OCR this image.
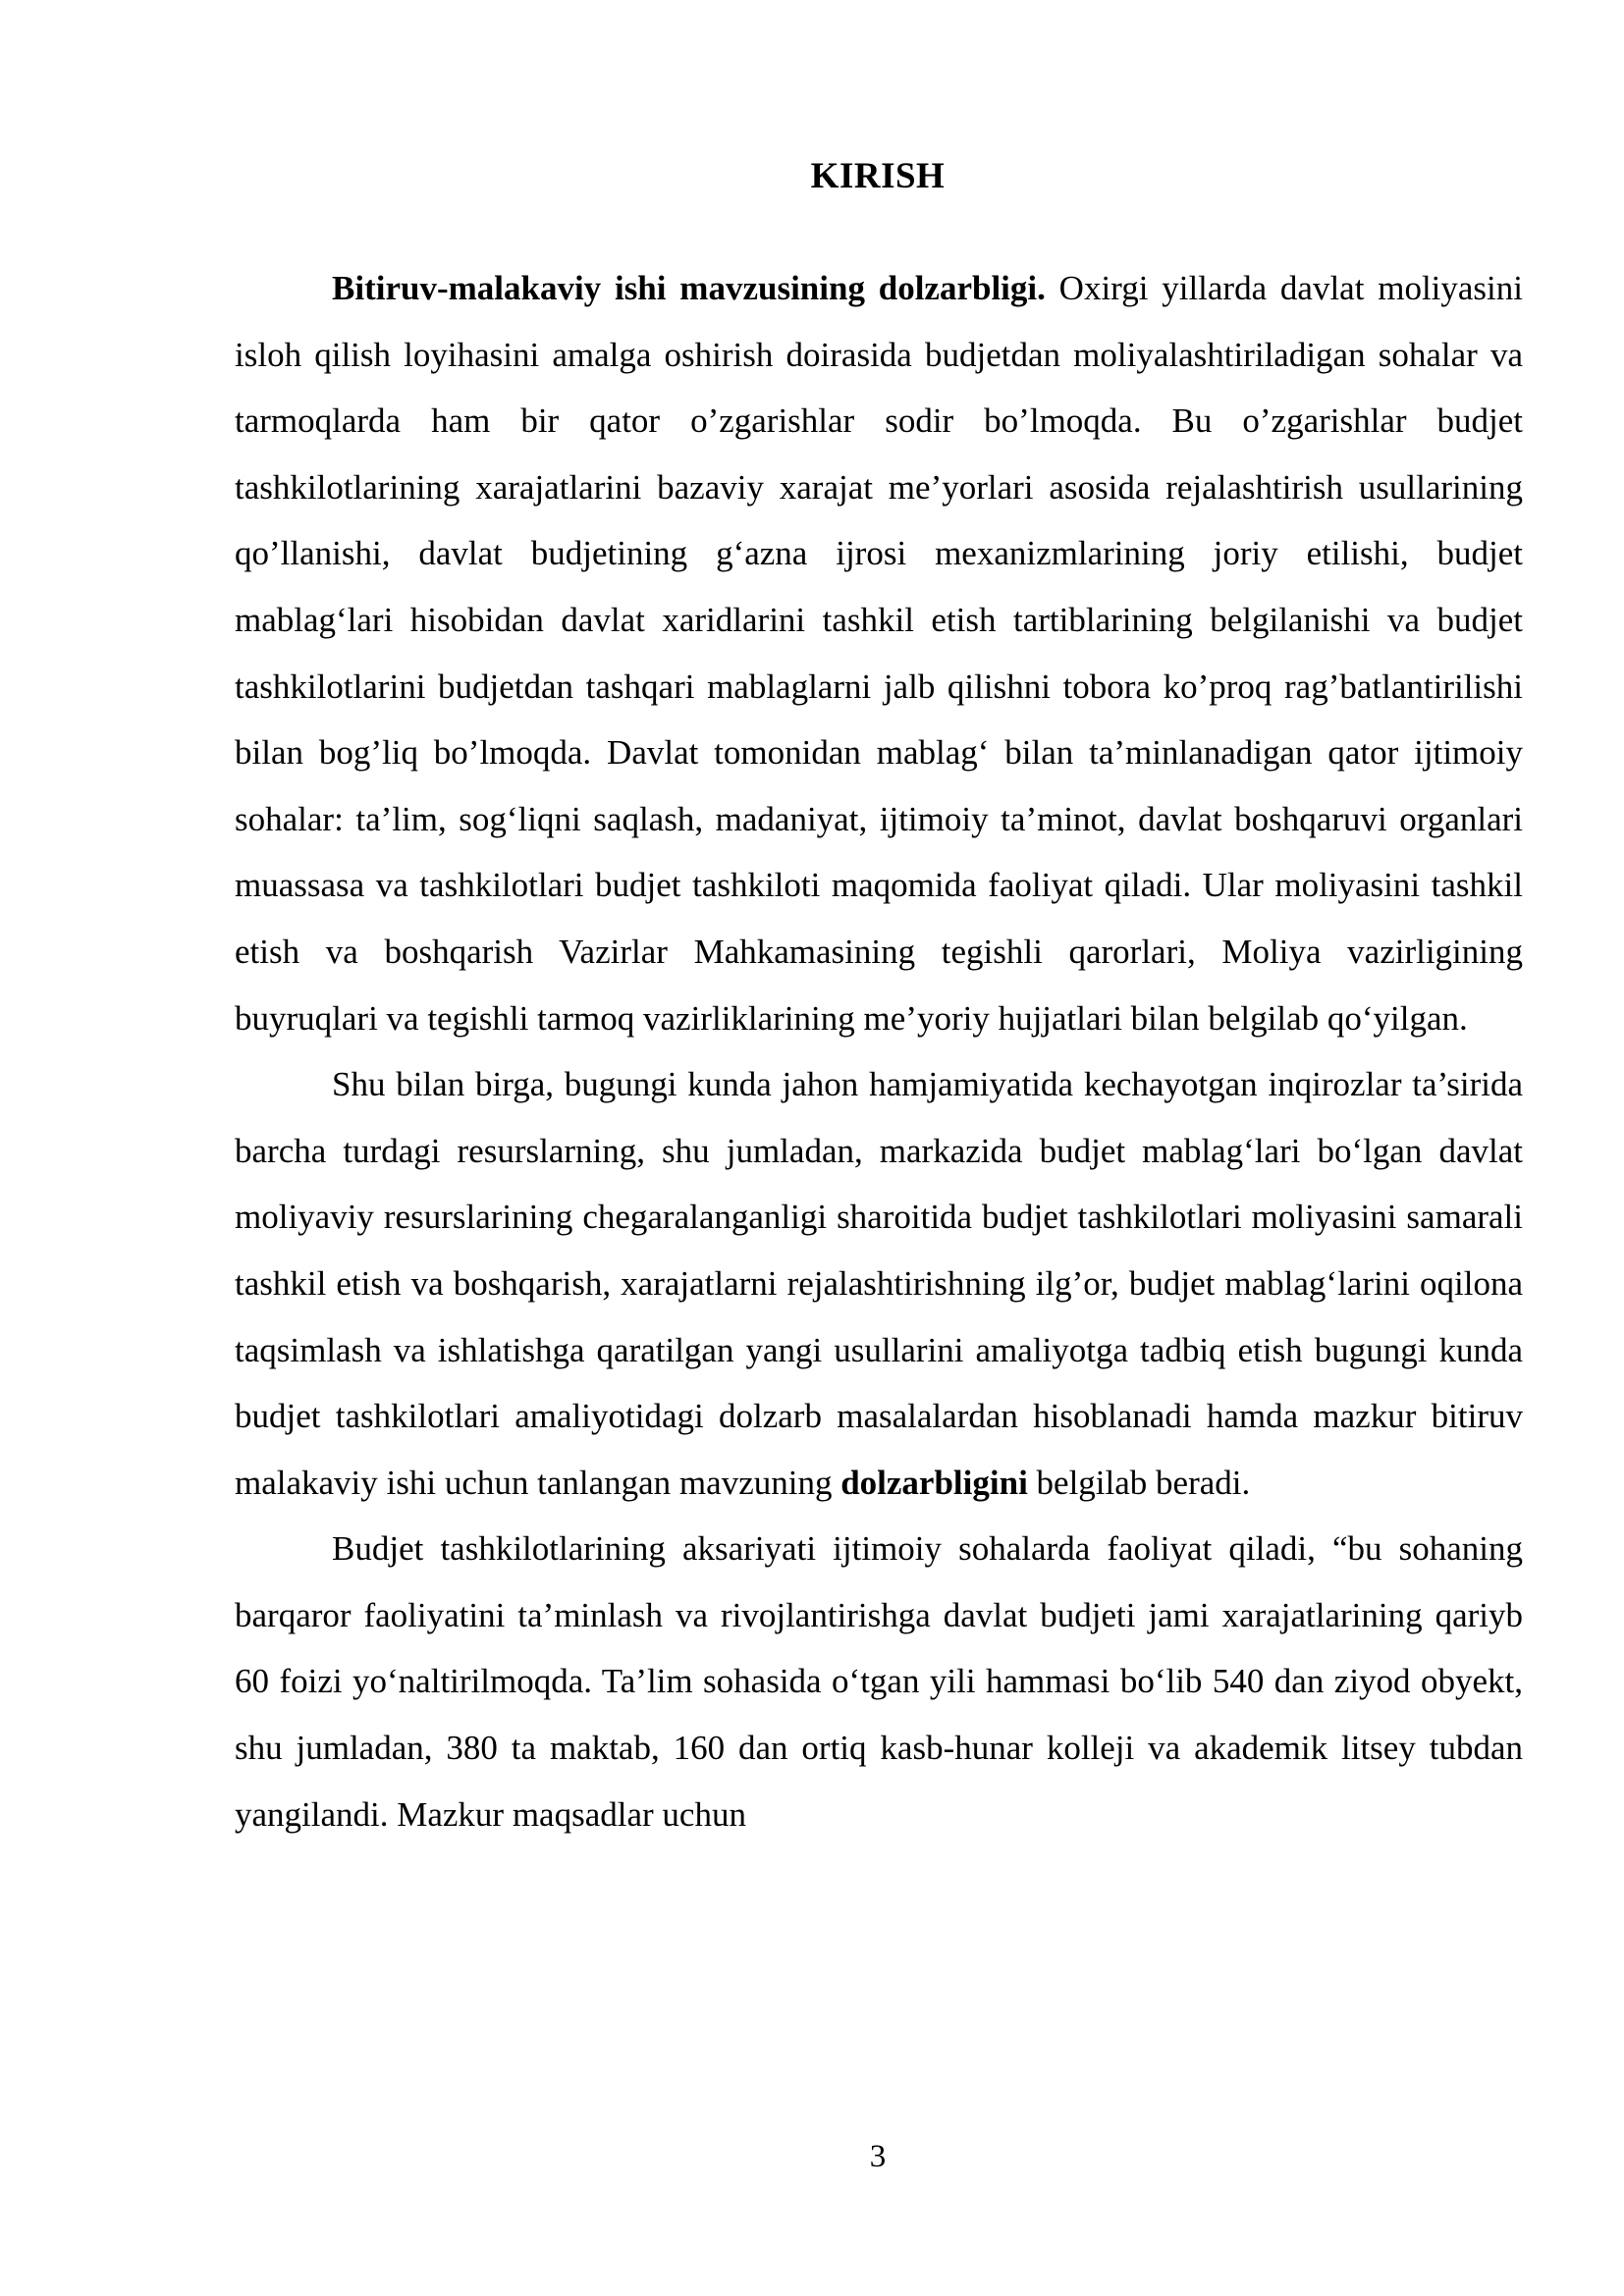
KIRISH

Bitiruv-malakaviy ishi mavzusining dolzarbligi. Oxirgi yillarda davlat moliyasini isloh qilish loyihasini amalga oshirish doirasida budjetdan moliyalashtiriladigan sohalar va tarmoqlarda ham bir qator o’zgarishlar sodir bo’lmoqda. Bu o’zgarishlar budjet tashkilotlarining xarajatlarini bazaviy xarajat me’yorlari asosida rejalashtirish usullarining qo’llanishi, davlat budjetining g‘azna ijrosi mexanizmlarining joriy etilishi, budjet mablag‘lari hisobidan davlat xaridlarini tashkil etish tartiblarining belgilanishi va budjet tashkilotlarini budjetdan tashqari mablaglarni jalb qilishni tobora ko’proq rag’batlantirilishi bilan bog’liq bo’lmoqda. Davlat tomonidan mablag‘ bilan ta’minlanadigan qator ijtimoiy sohalar: ta’lim, sog‘liqni saqlash, madaniyat, ijtimoiy ta’minot, davlat boshqaruvi organlari muassasa va tashkilotlari budjet tashkiloti maqomida faoliyat qiladi. Ular moliyasini tashkil etish va boshqarish Vazirlar Mahkamasining tegishli qarorlari, Moliya vazirligining buyruqlari va tegishli tarmoq vazirliklarining me’yoriy hujjatlari bilan belgilab qo‘yilgan.

Shu bilan birga, bugungi kunda jahon hamjamiyatida kechayotgan inqirozlar ta’sirida barcha turdagi resurslarning, shu jumladan, markazida budjet mablag‘lari bo‘lgan davlat moliyaviy resurslarining chegaralanganligi sharoitida budjet tashkilotlari moliyasini samarali tashkil etish va boshqarish, xarajatlarni rejalashtirishning ilg’or, budjet mablag‘larini oqilona taqsimlash va ishlatishga qaratilgan yangi usullarini amaliyotga tadbiq etish bugungi kunda budjet tashkilotlari amaliyotidagi dolzarb masalalardan hisoblanadi hamda mazkur bitiruv malakaviy ishi uchun tanlangan mavzuning dolzarbligini belgilab beradi.

Budjet tashkilotlarining aksariyati ijtimoiy sohalarda faoliyat qiladi, “bu sohaning barqaror faoliyatini ta’minlash va rivojlantirishga davlat budjeti jami xarajatlarining qariyb 60 foizi yo‘naltirilmoqda. Ta’lim sohasida o‘tgan yili hammasi bo‘lib 540 dan ziyod obyekt, shu jumladan, 380 ta maktab, 160 dan ortiq kasb-hunar kolleji va akademik litsey tubdan yangilandi. Mazkur maqsadlar uchun

3
